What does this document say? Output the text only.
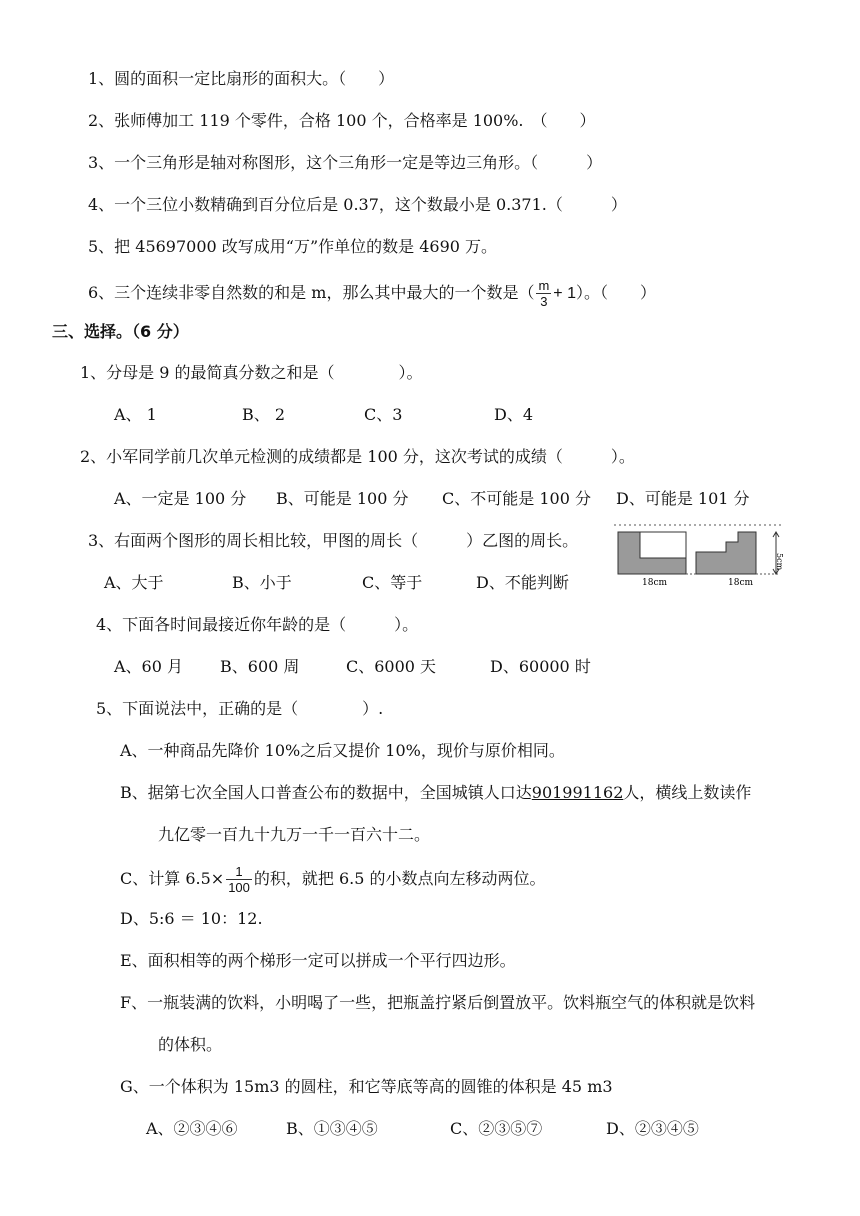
1、圆的面积一定比扇形的面积大。（　　）
2、张师傅加工 119 个零件，合格 100 个，合格率是 100%.　（　　）
3、一个三角形是轴对称图形，这个三角形一定是等边三角形。（　　　）
4、一个三位小数精确到百分位后是 0.37，这个数最小是 0.371.（　　　）
5、把 45697000 改写成用“万”作单位的数是 4690 万。
6、三个连续非零自然数的和是 m，那么其中最大的一个数是（ $\frac{m}{3} + 1$）。（　　）
三、选择。（6 分）
1、分母是 9 的最简真分数之和是（　　　　）。
A、 1	B、 2	C、3	D、4
2、小军同学前几次单元检测的成绩都是 100 分，这次考试的成绩（　　　）。
A、一定是 100 分 B、可能是 100 分 C、不可能是 100 分 D、可能是 101 分
3、右面两个图形的周长相比较，甲图的周长（　　　）乙图的周长。
A、大于	B、小于	C、等于	D、不能判断
5cm
18cm	18cm
4、下面各时间最接近你年龄的是（　　　）。
A、60 月 B、600 周	C、6000 天	D、60000 时
5、下面说法中，正确的是（　　　　）.
A、一种商品先降价 10%之后又提价 10%，现价与原价相同。
B、据第七次全国人口普查公布的数据中，全国城镇人口达901991162人，横线上数读作
九亿零一百九十九万一千一百六十二。
C、计算 $6.5\times \frac{1}{100}$ 的积，就把 6.5 的小数点向左移动两位。
D、5:6 ＝ 10：12.
E、面积相等的两个梯形一定可以拼成一个平行四边形。
F、一瓶装满的饮料，小明喝了一些，把瓶盖拧紧后倒置放平。饮料瓶空气的体积就是饮料
的体积。
G、一个体积为 15m3 的圆柱，和它等底等高的圆锥的体积是 45 m3
A、②③④⑥	B、①③④⑤	C、②③⑤⑦	D、②③④⑤
